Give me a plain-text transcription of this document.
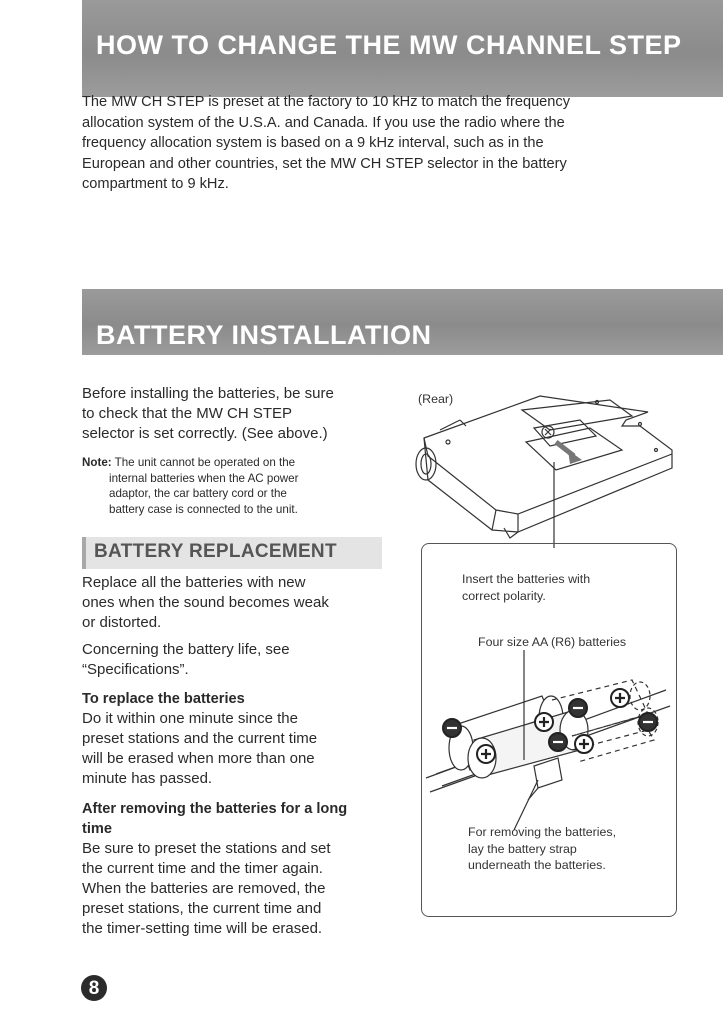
HOW TO CHANGE THE MW CHANNEL STEP
The MW CH STEP is preset at the factory to 10 kHz to match the frequency
allocation system of the U.S.A. and Canada. If you use the radio where the
frequency allocation system is based on a 9 kHz interval, such as in the
European and other countries, set the MW CH STEP selector in the battery
compartment to 9 kHz.
BATTERY INSTALLATION
Before installing the batteries, be sure
to check that the MW CH STEP
selector is set correctly. (See above.)
Note: The unit cannot be operated on the
internal batteries when the AC power
adaptor, the car battery cord or the
battery case is connected to the unit.
BATTERY REPLACEMENT
Replace all the batteries with new
ones when the sound becomes weak
or distorted.
Concerning the battery life, see
“Specifications”.
To replace the batteries
Do it within one minute since the
preset stations and the current time
will be erased when more than one
minute has passed.
After removing the batteries for a long
time
Be sure to preset the stations and set
the current time and the timer again.
When the batteries are removed, the
preset stations, the current time and
the timer-setting time will be erased.
(Rear)
Insert the batteries with
correct polarity.
Four size AA (R6) batteries
For removing the batteries,
lay the battery strap
underneath the batteries.
8
